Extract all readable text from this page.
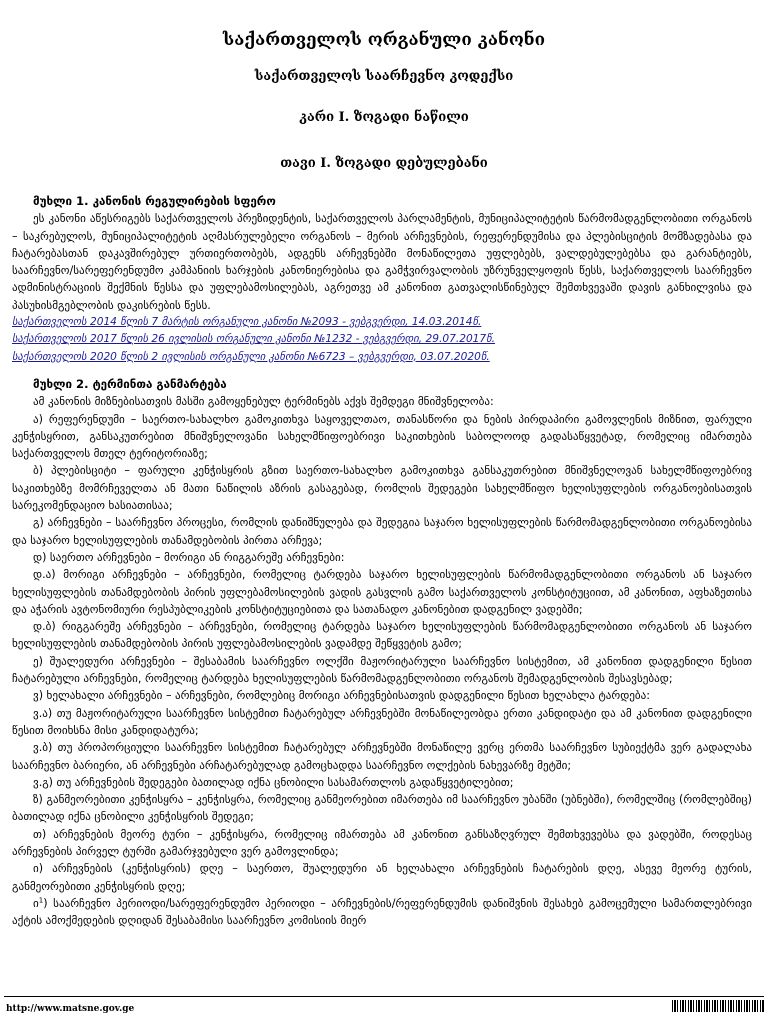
საქართველოს ორგანული კანონი
საქართველოს საარჩევნო კოდექსი
კარი I. ზოგადი ნაწილი
თავი I. ზოგადი დებულებანი

მუხლი 1. კანონის რეგულირების სფერო

ეს კანონი აწესრიგებს საქართველოს პრეზიდენტის, საქართველოს პარლამენტის, მუნიციპალიტეტის წარმომადგენლობითი ორგანოს – საკრებულოს, მუნიციპალიტეტის აღმასრულებელი ორგანოს – მერის არჩევნების, რეფერენდუმისა და პლებისციტის მომზადებასა და ჩატარებასთან დაკავშირებულ ურთიერთობებს, ადგენს არჩევნებში მონაწილეთა უფლებებს, ვალდებულებებსა და გარანტიებს, საარჩევნო/სარეფერენდუმო კამპანიის ხარჯების კანონიერებისა და გამჭვირვალობის უზრუნველყოფის წესს, საქართველოს საარჩევნო ადმინისტრაციის შექმნის წესსა და უფლებამოსილებას, აგრეთვე ამ კანონით გათვალისწინებულ შემთხვევაში დავის განხილვისა და პასუხისმგებლობის დაკისრების წესს.

საქართველოს 2014 წლის 7 მარტის ორგანული კანონი №2093 - ვებგვერდი, 14.03.2014წ.
საქართველოს 2017 წლის 26 ივლისის ორგანული კანონი №1232 - ვებგვერდი, 29.07.2017წ.
საქართველოს 2020 წლის 2 ივლისის ორგანული კანონი №6723 – ვებგვერდი, 03.07.2020წ.

მუხლი 2. ტერმინთა განმარტება

ამ კანონის მიზნებისათვის მასში გამოყენებულ ტერმინებს აქვს შემდეგი მნიშვნელობა:

ა) რეფერენდუმი – საერთო-სახალხო გამოკითხვა საყოველთაო, თანასწორი და ნების პირდაპირი გამოვლენის მიზნით, ფარული კენჭისყრით, განსაკუთრებით მნიშვნელოვანი სახელმწიფოებრივი საკითხების საბოლოოდ გადასაწყვეტად, რომელიც იმართება საქართველოს მთელ ტერიტორიაზე;

ბ) პლებისციტი – ფარული კენჭისყრის გზით საერთო-სახალხო გამოკითხვა განსაკუთრებით მნიშვნელოვან სახელმწიფოებრივ საკითხებზე მომრჩეველთა ან მათი ნაწილის აზრის გასაგებად, რომლის შედეგები სახელმწიფო ხელისუფლების ორგანოებისათვის სარეკომენდაციო ხასიათისაა;

გ) არჩევნები – საარჩევნო პროცესი, რომლის დანიშნულება და შედეგია საჯარო ხელისუფლების წარმომადგენლობითი ორგანოებისა და საჯარო ხელისუფლების თანამდებობის პირთა არჩევა;

დ) საერთო არჩევნები – მორიგი ან რიგგარეშე არჩევნები:

დ.ა) მორიგი არჩევნები – არჩევნები, რომელიც ტარდება საჯარო ხელისუფლების წარმომადგენლობითი ორგანოს ან საჯარო ხელისუფლების თანამდებობის პირის უფლებამოსილების ვადის გასვლის გამო საქართველოს კონსტიტუციით, ამ კანონით, აფხაზეთისა და აჭარის ავტონომიური რესპუბლიკების კონსტიტუციებითა და სათანადო კანონებით დადგენილ ვადებში;

დ.ბ) რიგგარეშე არჩევნები – არჩევნები, რომელიც ტარდება საჯარო ხელისუფლების წარმომადგენლობითი ორგანოს ან საჯარო ხელისუფლების თანამდებობის პირის უფლებამოსილების ვადამდე შეწყვეტის გამო;

ე) შუალედური არჩევნები – შესაბამის საარჩევნო ოლქში მაჟორიტარული საარჩევნო სისტემით, ამ კანონით დადგენილი წესით ჩატარებული არჩევნები, რომელიც ტარდება ხელისუფლების წარმომადგენლობითი ორგანოს შემადგენლობის შესავსებად;

ვ) ხელახალი არჩევნები – არჩევნები, რომლებიც მორიგი არჩევნებისათვის დადგენილი წესით ხელახლა ტარდება:

ვ.ა) თუ მაჟორიტარული საარჩევნო სისტემით ჩატარებულ არჩევნებში მონაწილეობდა ერთი კანდიდატი და ამ კანონით დადგენილი წესით მოიხსნა მისი კანდიდატურა;

ვ.ბ) თუ პროპორციული საარჩევნო სისტემით ჩატარებულ არჩევნებში მონაწილე ვერც ერთმა საარჩევნო სუბიექტმა ვერ გადალახა საარჩევნო ბარიერი, ან არჩევნები არჩატარებულად გამოცხადდა საარჩევნო ოლქების ნახევარზე მეტში;

ვ.გ) თუ არჩევნების შედეგები ბათილად იქნა ცნობილი სასამართლოს გადაწყვეტილებით;

ზ) განმეორებითი კენჭისყრა – კენჭისყრა, რომელიც განმეორებით იმართება იმ საარჩევნო უბანში (უბნებში), რომელშიც (რომლებშიც) ბათილად იქნა ცნობილი კენჭისყრის შედეგი;

თ) არჩევნების მეორე ტური – კენჭისყრა, რომელიც იმართება ამ კანონით განსაზღვრულ შემთხვევებსა და ვადებში, როდესაც არჩევნების პირველ ტურში გამარჯვებული ვერ გამოვლინდა;

ი) არჩევნების (კენჭისყრის) დღე – საერთო, შუალედური ან ხელახალი არჩევნების ჩატარების დღე, ასევე მეორე ტურის, განმეორებითი კენჭისყრის დღე;

ი$^1$) საარჩევნო პერიოდი/სარეფერენდუმო პერიოდი – არჩევნების/რეფერენდუმის დანიშვნის შესახებ გამოცემული სამართლებრივი აქტის ამოქმედების დღიდან შესაბამისი საარჩევნო კომისიის მიერ

http://www.matsne.gov.ge
